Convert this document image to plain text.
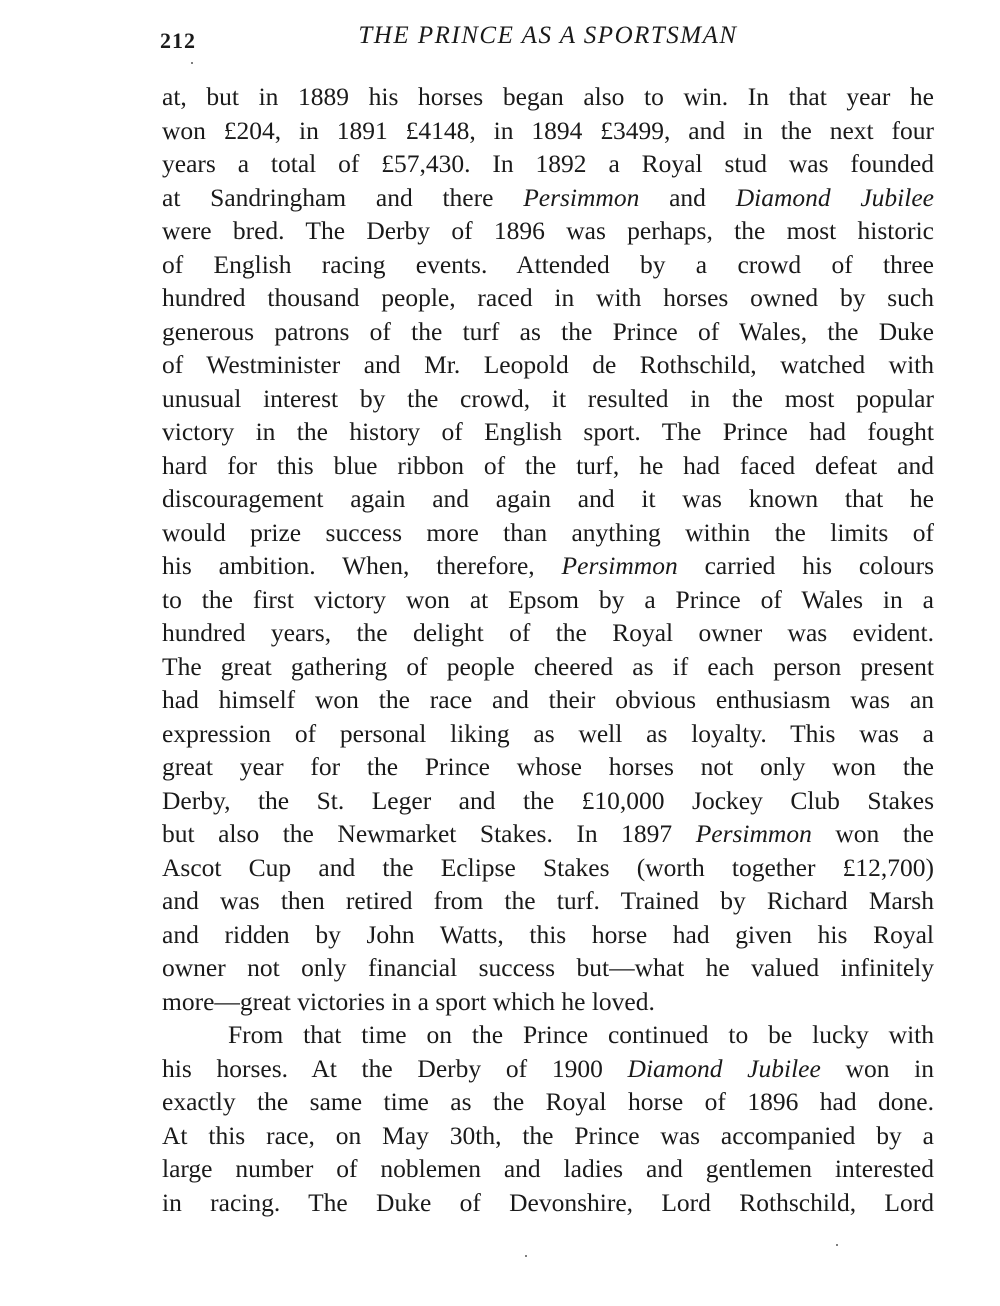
212	THE PRINCE AS A SPORTSMAN
at, but in 1889 his horses began also to win. In that year he
won £204, in 1891 £4148, in 1894 £3499, and in the next four
years a total of £57,430. In 1892 a Royal stud was founded
at Sandringham and there Persimmon and Diamond Jubilee
were bred. The Derby of 1896 was perhaps, the most historic
of English racing events. Attended by a crowd of three
hundred thousand people, raced in with horses owned by such
generous patrons of the turf as the Prince of Wales, the Duke
of Westminister and Mr. Leopold de Rothschild, watched with
unusual interest by the crowd, it resulted in the most popular
victory in the history of English sport. The Prince had fought
hard for this blue ribbon of the turf, he had faced defeat and
discouragement again and again and it was known that he
would prize success more than anything within the limits of
his ambition. When, therefore, Persimmon carried his colours
to the first victory won at Epsom by a Prince of Wales in a
hundred years, the delight of the Royal owner was evident.
The great gathering of people cheered as if each person present
had himself won the race and their obvious enthusiasm was an
expression of personal liking as well as loyalty. This was a
great year for the Prince whose horses not only won the
Derby, the St. Leger and the £10,000 Jockey Club Stakes
but also the Newmarket Stakes. In 1897 Persimmon won the
Ascot Cup and the Eclipse Stakes (worth together £12,700)
and was then retired from the turf. Trained by Richard Marsh
and ridden by John Watts, this horse had given his Royal
owner not only financial success but—what he valued infinitely
more—great victories in a sport which he loved.
From that time on the Prince continued to be lucky with
his horses. At the Derby of 1900 Diamond Jubilee won in
exactly the same time as the Royal horse of 1896 had done.
At this race, on May 30th, the Prince was accompanied by a
large number of noblemen and ladies and gentlemen interested
in racing. The Duke of Devonshire, Lord Rothschild, Lord
